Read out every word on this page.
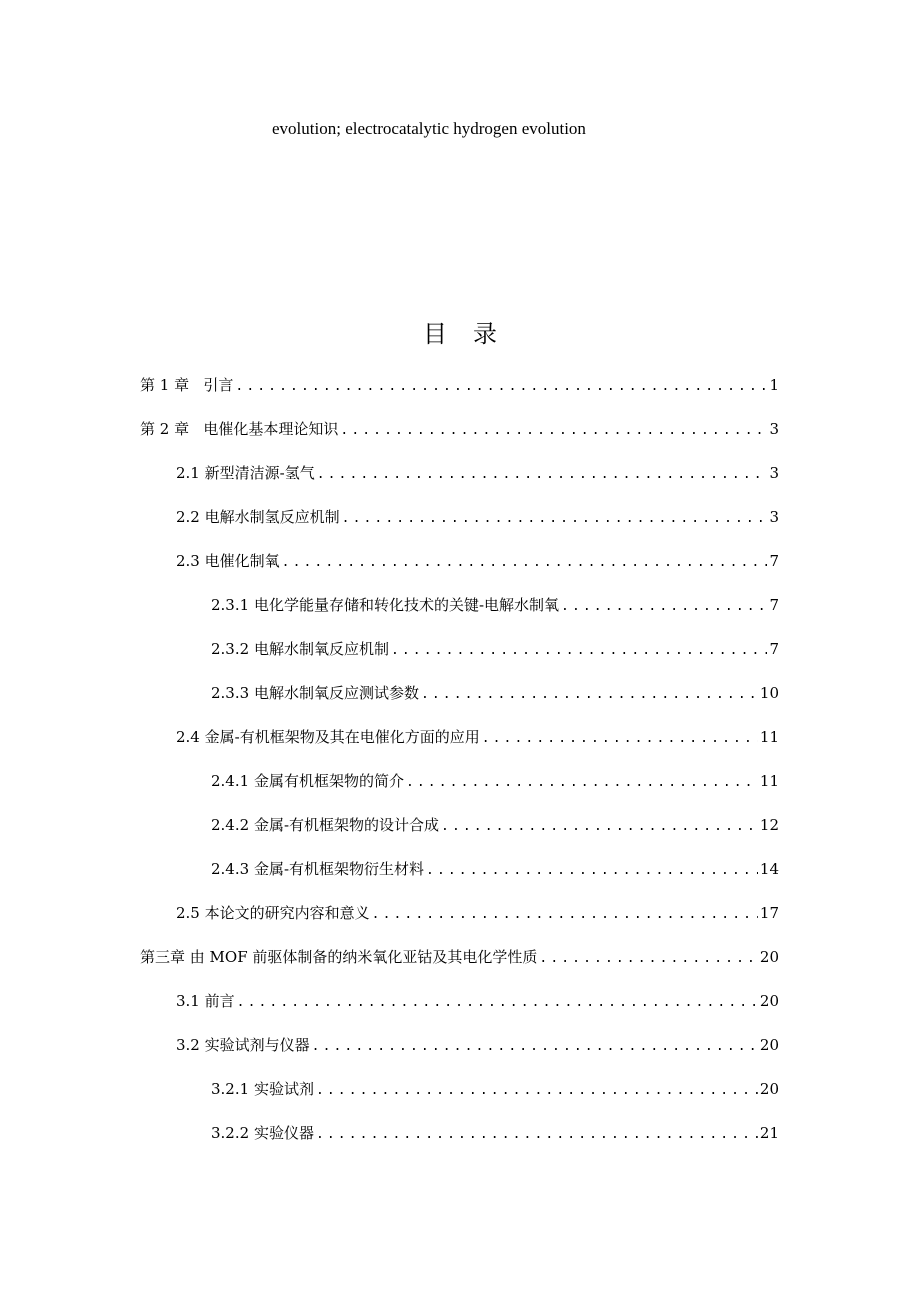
evolution; electrocatalytic hydrogen evolution
目录
第 1 章 引言 .....	1
第 2 章 电催化基本理论知识 .....	3
2.1 新型清洁源-氢气 .....	3
2.2 电解水制氢反应机制 .....	3
2.3 电催化制氧 .....	7
2.3.1 电化学能量存储和转化技术的关键-电解水制氧 .....	7
2.3.2 电解水制氧反应机制 .....	7
2.3.3 电解水制氧反应测试参数 .....	10
2.4 金属-有机框架物及其在电催化方面的应用 .....	11
2.4.1 金属有机框架物的简介 .....	11
2.4.2 金属-有机框架物的设计合成 .....	12
2.4.3 金属-有机框架物衍生材料 .....	14
2.5 本论文的研究内容和意义 .....	17
第三章 由 MOF 前驱体制备的纳米氧化亚钴及其电化学性质 .....	20
3.1 前言 .....	20
3.2 实验试剂与仪器 .....	20
3.2.1 实验试剂 .....	20
3.2.2 实验仪器 .....	21
